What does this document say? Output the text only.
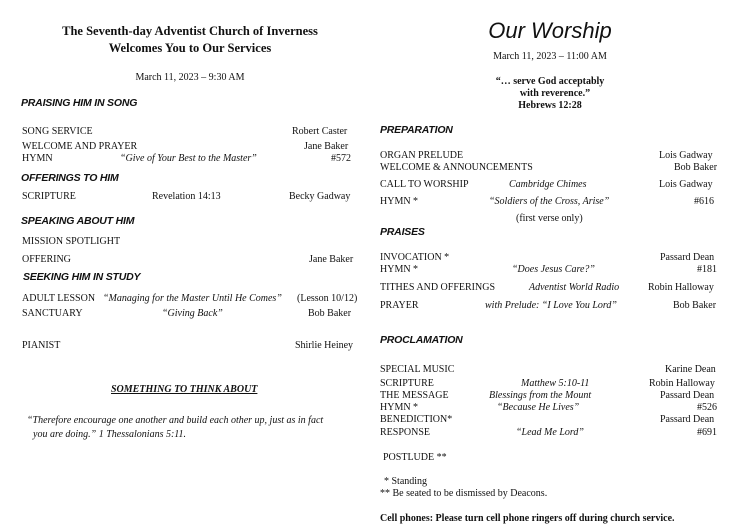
The Seventh-day Adventist Church of Inverness
Welcomes You to Our Services
March 11, 2023 – 9:30 AM
PRAISING HIM IN SONG
SONG SERVICE	Robert Caster
WELCOME AND PRAYER	Jane Baker
HYMN	“Give of Your Best to the Master”	#572
OFFERINGS TO HIM
SCRIPTURE	Revelation 14:13	Becky Gadway
SPEAKING ABOUT HIM
MISSION SPOTLIGHT
OFFERING	Jane Baker
SEEKING HIM IN STUDY
ADULT LESSON “Managing for the Master Until He Comes” (Lesson 10/12)
SANCTUARY	“Giving Back”	Bob Baker
PIANIST	Shirlie Heiney
SOMETHING TO THINK ABOUT
“Therefore encourage one another and build each other up, just as in fact
you are doing.” 1 Thessalonians 5:11.
Our Worship
March 11, 2023 – 11:00 AM
“… serve God acceptably
with reverence.”
Hebrews 12:28
PREPARATION
ORGAN PRELUDE	Lois Gadway
WELCOME & ANNOUNCEMENTS	Bob Baker
CALL TO WORSHIP	Cambridge Chimes	Lois Gadway
HYMN *	“Soldiers of the Cross, Arise”	#616
(first verse only)
PRAISES
INVOCATION *	Passard Dean
HYMN *	“Does Jesus Care?”	#181
TITHES AND OFFERINGS	Adventist World Radio	Robin Halloway
PRAYER	with Prelude: “I Love You Lord”	Bob Baker
PROCLAMATION
SPECIAL MUSIC	Karine Dean
SCRIPTURE	Matthew 5:10-11	Robin Halloway
THE MESSAGE	Blessings from the Mount	Passard Dean
HYMN *	“Because He Lives”	#526
BENEDICTION*	Passard Dean
RESPONSE	“Lead Me Lord”	#691
POSTLUDE **
* Standing
** Be seated to be dismissed by Deacons.
Cell phones: Please turn cell phone ringers off during church service.
